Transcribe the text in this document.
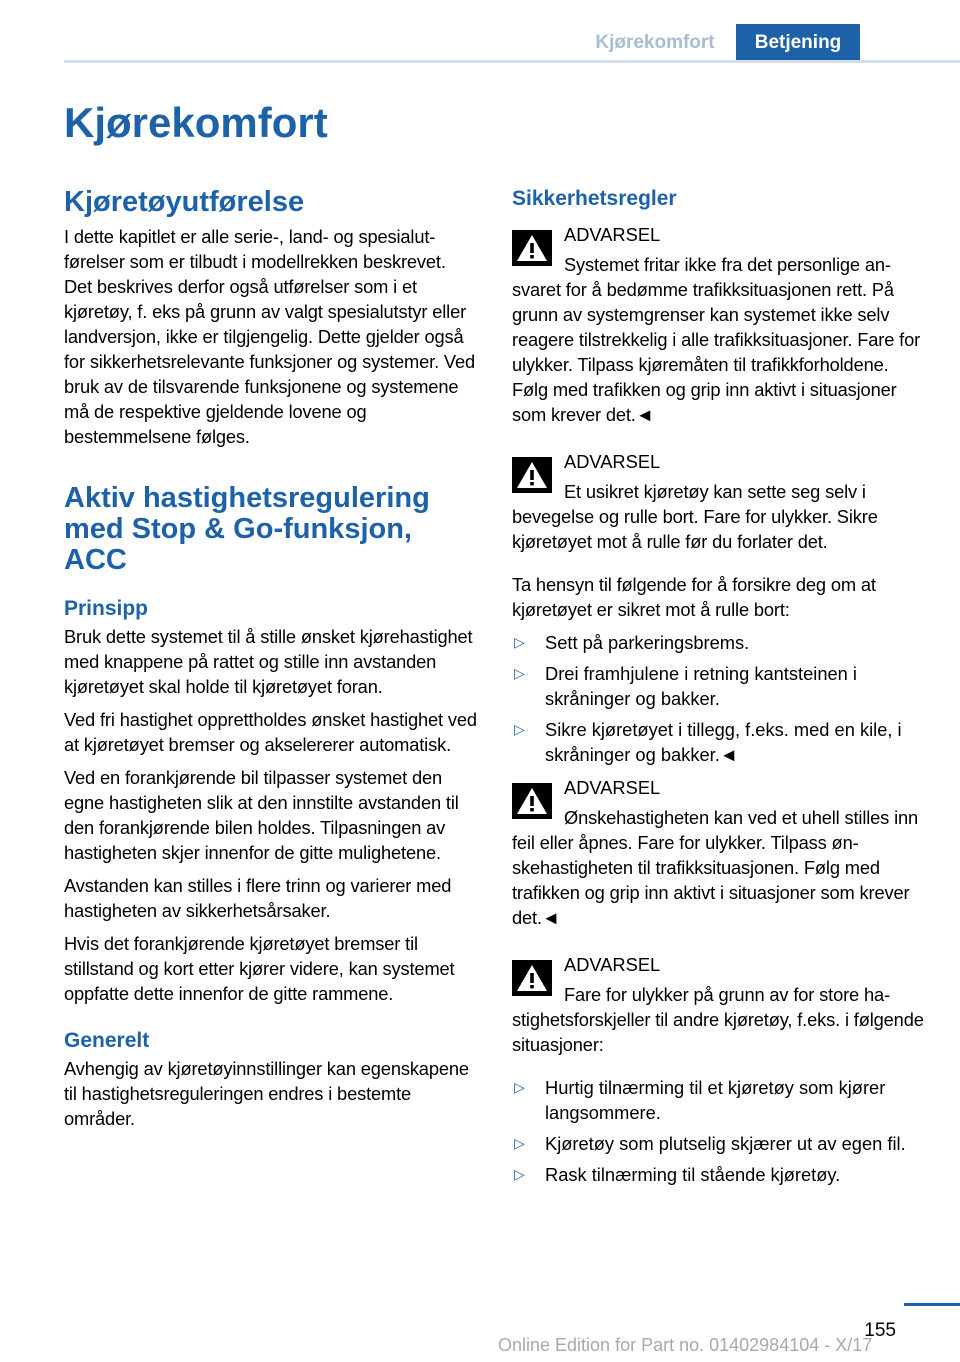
Kjørekomfort	Betjening
Kjørekomfort
Kjøretøyutførelse

I dette kapitlet er alle serie-, land- og spesialutførelser som er tilbudt i modellrekken beskrevet. Det beskrives derfor også utførelser som i et kjøretøy, f. eks på grunn av valgt spesialutstyr eller landversjon, ikke er tilgjengelig. Dette gjelder også for sikkerhetsrelevante funksjoner og systemer. Ved bruk av de tilsvarende funksjonene og systemene må de respektive gjeldende lovene og bestemmelsene følges.

Aktiv hastighetsregulering med Stop & Go-funksjon, ACC
Prinsipp

Bruk dette systemet til å stille ønsket kjørehastighet med knappene på rattet og stille inn avstanden kjøretøyet skal holde til kjøretøyet foran.

Ved fri hastighet opprettholdes ønsket hastighet ved at kjøretøyet bremser og akselererer automatisk.

Ved en forankjørende bil tilpasser systemet den egne hastigheten slik at den innstilte avstanden til den forankjørende bilen holdes. Tilpasningen av hastigheten skjer innenfor de gitte mulighetene.

Avstanden kan stilles i flere trinn og varierer med hastigheten av sikkerhetsårsaker.

Hvis det forankjørende kjøretøyet bremser til stillstand og kort etter kjører videre, kan systemet oppfatte dette innenfor de gitte rammene.

Generelt

Avhengig av kjøretøyinnstillinger kan egenskapene til hastighetsreguleringen endres i bestemte områder.

Sikkerhetsregler
ADVARSEL

Systemet fritar ikke fra det personlige ansvaret for å bedømme trafikksituasjonen rett. På grunn av systemgrenser kan systemet ikke selv reagere tilstrekkelig i alle trafikksituasjoner. Fare for ulykker. Tilpass kjøremåten til trafikkforholdene. Følg med trafikken og grip inn aktivt i situasjoner som krever det.◄

ADVARSEL

Et usikret kjøretøy kan sette seg selv i bevegelse og rulle bort. Fare for ulykker. Sikre kjøretøyet mot å rulle før du forlater det.

Ta hensyn til følgende for å forsikre deg om at kjøretøyet er sikret mot å rulle bort:

▷ Sett på parkeringsbrems.
▷ Drei framhjulene i retning kantsteinen i skråninger og bakker.
▷ Sikre kjøretøyet i tillegg, f.eks. med en kile, i skråninger og bakker.◄
ADVARSEL

Ønskehastigheten kan ved et uhell stilles inn feil eller åpnes. Fare for ulykker. Tilpass ønskehastigheten til trafikksituasjonen. Følg med trafikken og grip inn aktivt i situasjoner som krever det.◄

ADVARSEL

Fare for ulykker på grunn av for store hastighetsforskjeller til andre kjøretøy, f.eks. i følgende situasjoner:

▷ Hurtig tilnærming til et kjøretøy som kjører langsommere.
▷ Kjøretøy som plutselig skjærer ut av egen fil.
▷ Rask tilnærming til stående kjøretøy.
155
Online Edition for Part no. 01402984104 - X/17
